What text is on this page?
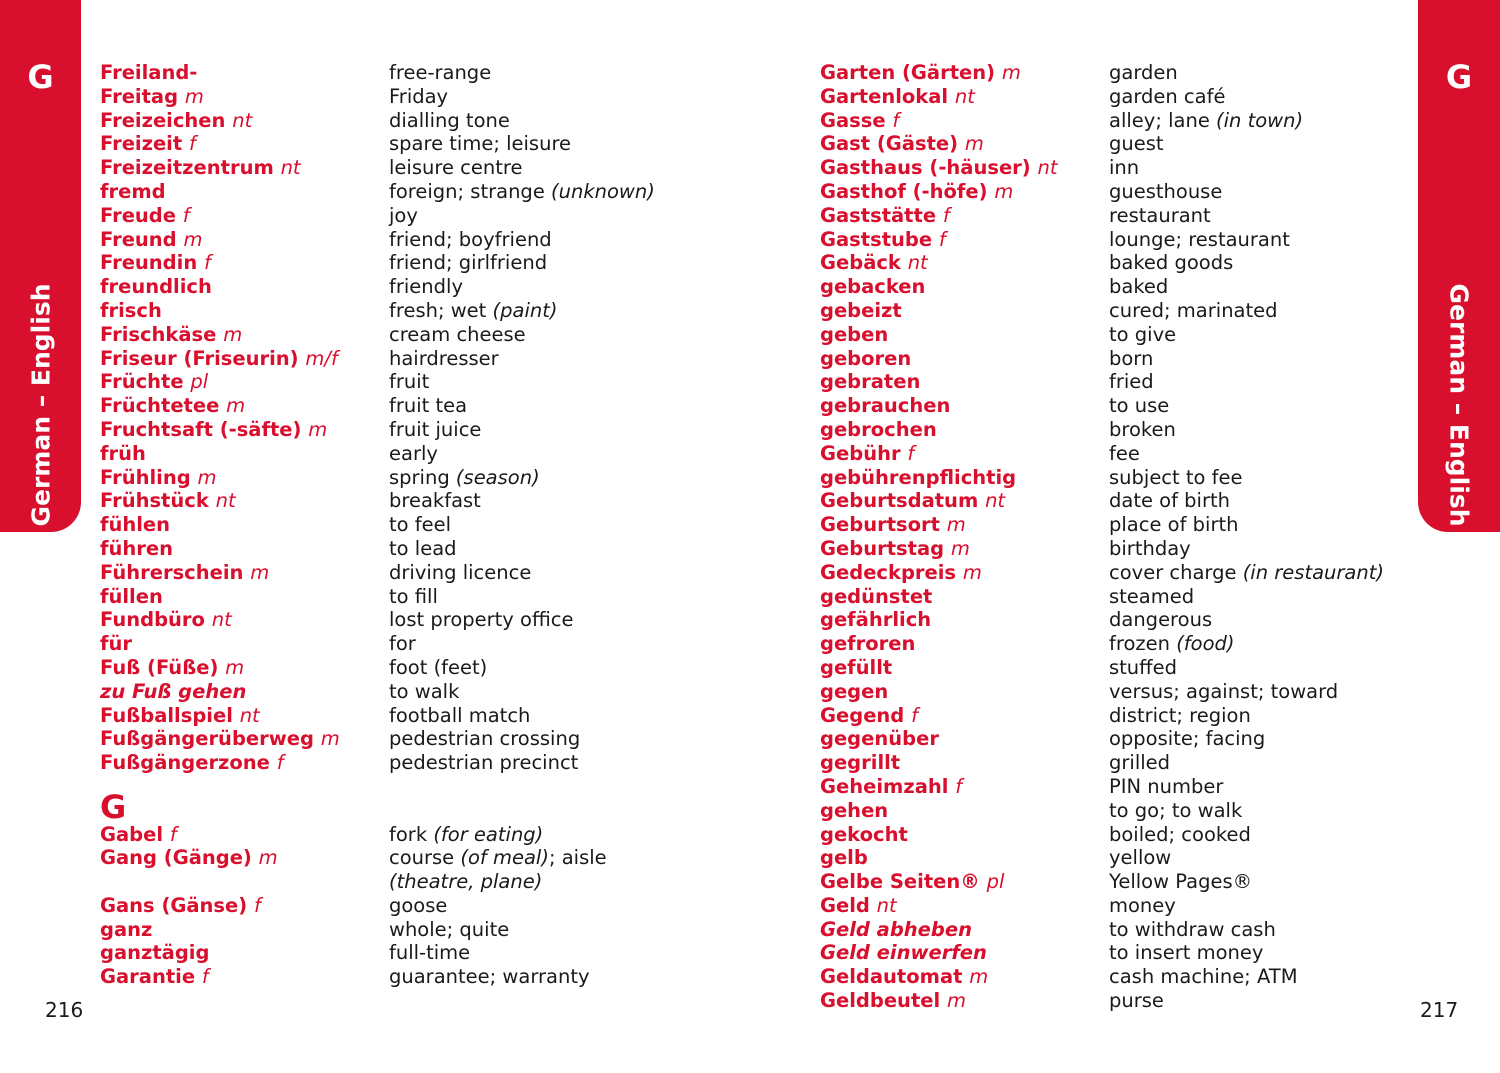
G
German – English
G
German – English
Freiland-
Freitag m
Freizeichen nt
Freizeit f
Freizeitzentrum nt
fremd
Freude f
Freund m
Freundin f
freundlich
frisch
Frischkäse m
Friseur (Friseurin) m/f
Früchte pl
Früchtetee m
Fruchtsaft (-säfte) m
früh
Frühling m
Frühstück nt
fühlen
führen
Führerschein m
füllen
Fundbüro nt
für
Fuß (Füße) m
zu Fuß gehen
Fußballspiel nt
Fußgängerüberweg m
Fußgängerzone f
G
Gabel f
Gang (Gänge) m
Gans (Gänse) f
ganz
ganztägig
Garantie f
free-range
Friday
dialling tone
spare time; leisure
leisure centre
foreign; strange (unknown)
joy
friend; boyfriend
friend; girlfriend
friendly
fresh; wet (paint)
cream cheese
hairdresser
fruit
fruit tea
fruit juice
early
spring (season)
breakfast
to feel
to lead
driving licence
to fill
lost property office
for
foot (feet)
to walk
football match
pedestrian crossing
pedestrian precinct
fork (for eating)
course (of meal); aisle (theatre, plane)
goose
whole; quite
full-time
guarantee; warranty
Garten (Gärten) m
Gartenlokal nt
Gasse f
Gast (Gäste) m
Gasthaus (-häuser) nt
Gasthof (-höfe) m
Gaststätte f
Gaststube f
Gebäck nt
gebacken
gebeizt
geben
geboren
gebraten
gebrauchen
gebrochen
Gebühr f
gebührenpflichtig
Geburtsdatum nt
Geburtsort m
Geburtstag m
Gedeckpreis m
gedünstet
gefährlich
gefroren
gefüllt
gegen
Gegend f
gegenüber
gegrillt
Geheimzahl f
gehen
gekocht
gelb
Gelbe Seiten® pl
Geld nt
Geld abheben
Geld einwerfen
Geldautomat m
Geldbeutel m
garden
garden café
alley; lane (in town)
guest
inn
guesthouse
restaurant
lounge; restaurant
baked goods
baked
cured; marinated
to give
born
fried
to use
broken
fee
subject to fee
date of birth
place of birth
birthday
cover charge (in restaurant)
steamed
dangerous
frozen (food)
stuffed
versus; against; toward
district; region
opposite; facing
grilled
PIN number
to go; to walk
boiled; cooked
yellow
Yellow Pages®
money
to withdraw cash
to insert money
cash machine; ATM
purse
216	217
